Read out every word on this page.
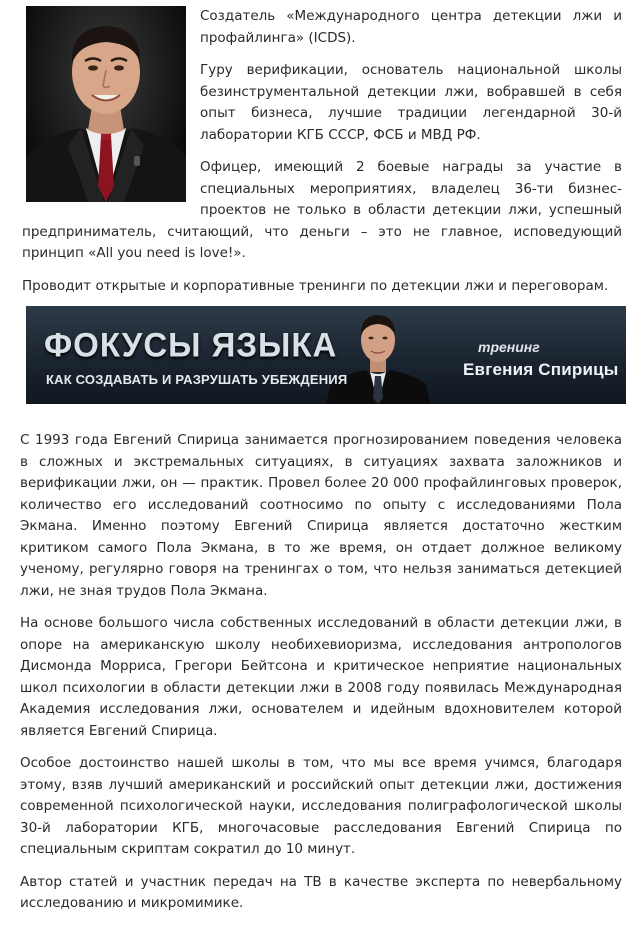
Создатель «Международного центра детекции лжи и профайлинга» (ICDS).

Гуру верификации, основатель национальной школы безинструментальной детекции лжи, вобравшей в себя опыт бизнеса, лучшие традиции легендарной 30-й лаборатории КГБ СССР, ФСБ и МВД РФ.

Офицер, имеющий 2 боевые награды за участие в специальных мероприятиях, владелец 36-ти бизнес-проектов не только в области детекции лжи, успешный предприниматель, считающий, что деньги – это не главное, исповедующий принцип «All you need is love!».

Проводит открытые и корпоративные тренинги по детекции лжи и переговорам.

ФОКУСЫ ЯЗЫКА
КАК СОЗДАВАТЬ И РАЗРУШАТЬ УБЕЖДЕНИЯ
тренинг
Евгения Спирицы

С 1993 года Евгений Спирица занимается прогнозированием поведения человека в сложных и экстремальных ситуациях, в ситуациях захвата заложников и верификации лжи, он — практик. Провел более 20 000 профайлинговых проверок, количество его исследований соотносимо по опыту с исследованиями Пола Экмана. Именно поэтому Евгений Спирица является достаточно жестким критиком самого Пола Экмана, в то же время, он отдает должное великому ученому, регулярно говоря на тренингах о том, что нельзя заниматься детекцией лжи, не зная трудов Пола Экмана.

На основе большого числа собственных исследований в области детекции лжи, в опоре на американскую школу необихевиоризма, исследования антропологов Дисмонда Морриса, Грегори Бейтсона и критическое неприятие национальных школ психологии в области детекции лжи в 2008 году появилась Международная Академия исследования лжи, основателем и идейным вдохновителем которой является Евгений Спирица.

Особое достоинство нашей школы в том, что мы все время учимся, благодаря этому, взяв лучший американский и российский опыт детекции лжи, достижения современной психологической науки, исследования полиграфологической школы 30-й лаборатории КГБ, многочасовые расследования Евгений Спирица по специальным скриптам сократил до 10 минут.

Автор статей и участник передач на ТВ в качестве эксперта по невербальному исследованию и микромимике.
